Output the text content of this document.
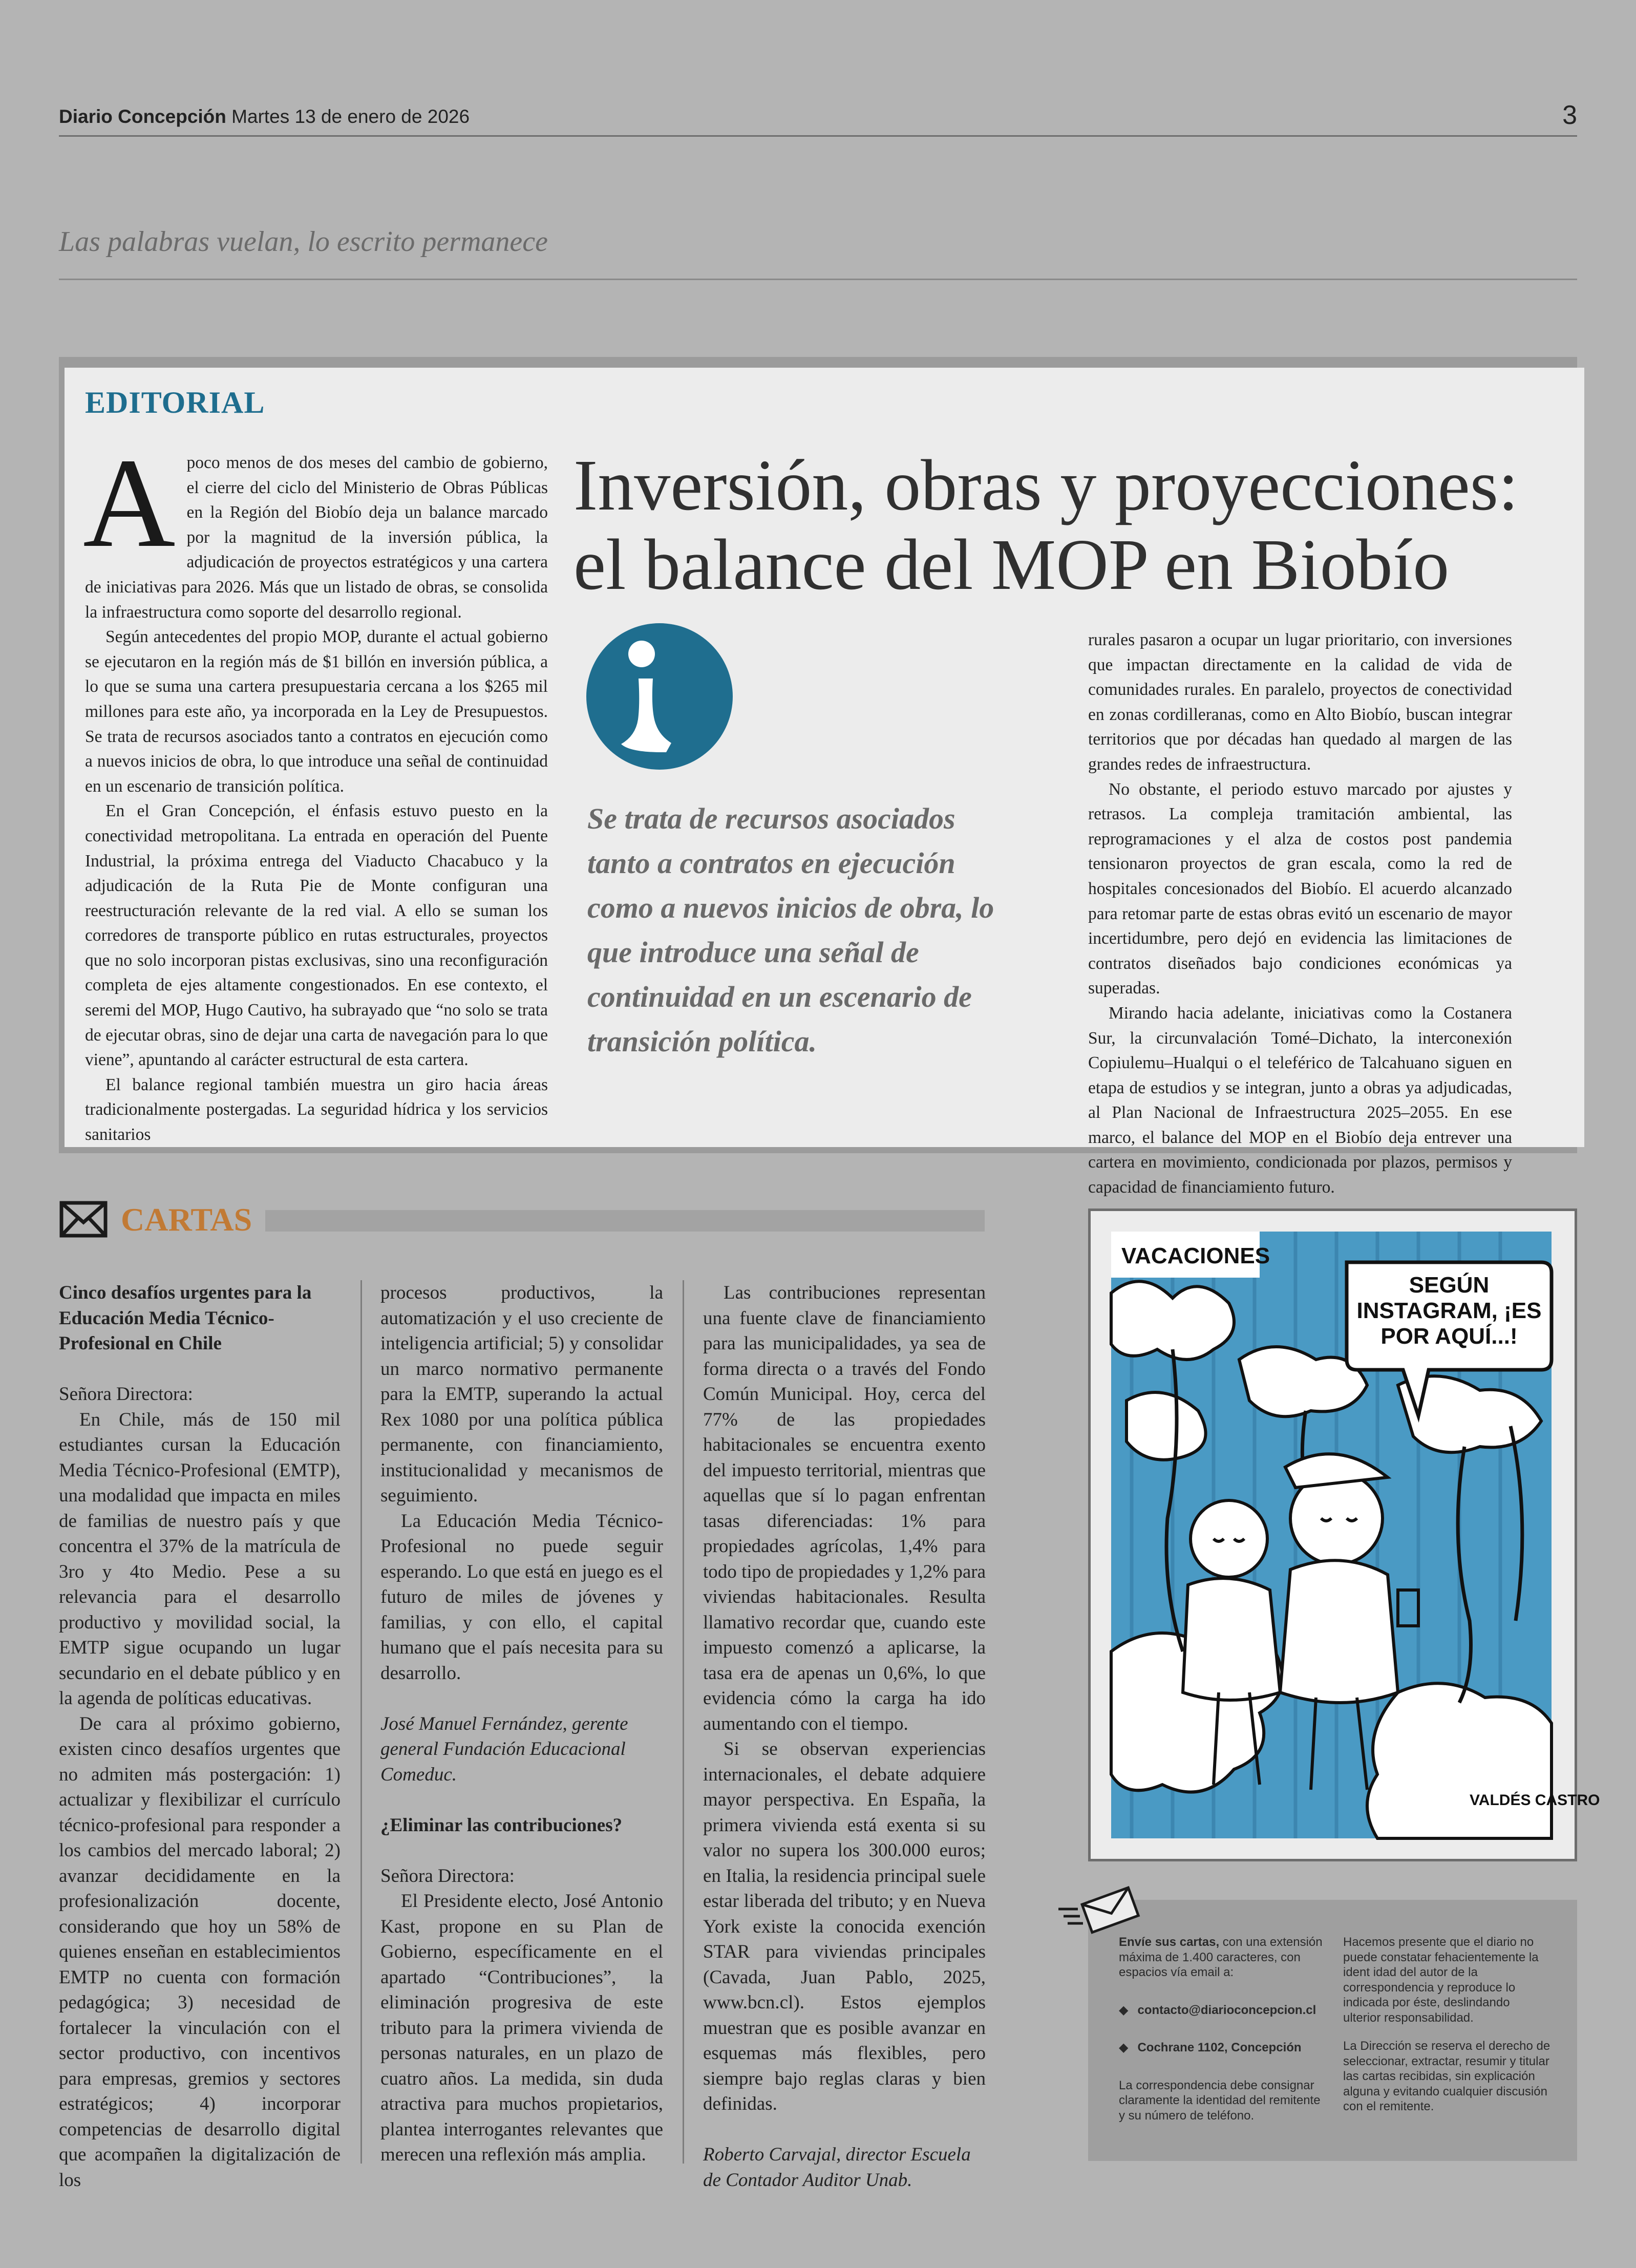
Diario Concepción Martes 13 de enero de 2026	3
Las palabras vuelan, lo escrito permanece
EDITORIAL

Apoco menos de dos meses del cambio de gobierno, el cierre del ciclo del Ministerio de Obras Públicas en la Región del Biobío deja un balance marcado por la magnitud de la inversión pública, la adjudicación de proyectos estratégicos y una cartera de iniciativas para 2026. Más que un listado de obras, se consolida la infraestructura como soporte del desarrollo regional.

Según antecedentes del propio MOP, durante el actual gobierno se ejecutaron en la región más de $1 billón en inversión pública, a lo que se suma una cartera presupuestaria cercana a los $265 mil millones para este año, ya incorporada en la Ley de Presupuestos. Se trata de recursos asociados tanto a contratos en ejecución como a nuevos inicios de obra, lo que introduce una señal de continuidad en un escenario de transición política.

En el Gran Concepción, el énfasis estuvo puesto en la conectividad metropolitana. La entrada en operación del Puente Industrial, la próxima entrega del Viaducto Chacabuco y la adjudicación de la Ruta Pie de Monte configuran una reestructuración relevante de la red vial. A ello se suman los corredores de transporte público en rutas estructurales, proyectos que no solo incorporan pistas exclusivas, sino una reconfiguración completa de ejes altamente congestionados. En ese contexto, el seremi del MOP, Hugo Cautivo, ha subrayado que “no solo se trata de ejecutar obras, sino de dejar una carta de navegación para lo que viene”, apuntando al carácter estructural de esta cartera.

El balance regional también muestra un giro hacia áreas tradicionalmente postergadas. La seguridad hídrica y los servicios sanitarios

Inversión, obras y proyecciones:
el balance del MOP en Biobío
Se trata de recursos asociados tanto a contratos en ejecución como a nuevos inicios de obra, lo que introduce una señal de continuidad en un escenario de transición política.

rurales pasaron a ocupar un lugar prioritario, con inversiones que impactan directamente en la calidad de vida de comunidades rurales. En paralelo, proyectos de conectividad en zonas cordilleranas, como en Alto Biobío, buscan integrar territorios que por décadas han quedado al margen de las grandes redes de infraestructura.

No obstante, el periodo estuvo marcado por ajustes y retrasos. La compleja tramitación ambiental, las reprogramaciones y el alza de costos post pandemia tensionaron proyectos de gran escala, como la red de hospitales concesionados del Biobío. El acuerdo alcanzado para retomar parte de estas obras evitó un escenario de mayor incertidumbre, pero dejó en evidencia las limitaciones de contratos diseñados bajo condiciones económicas ya superadas.

Mirando hacia adelante, iniciativas como la Costanera Sur, la circunvalación Tomé–Dichato, la interconexión Copiulemu–Hualqui o el teleférico de Talcahuano siguen en etapa de estudios y se integran, junto a obras ya adjudicadas, al Plan Nacional de Infraestructura 2025–2055. En ese marco, el balance del MOP en el Biobío deja entrever una cartera en movimiento, condicionada por plazos, permisos y capacidad de financiamiento futuro.

CARTAS

Cinco desafíos urgentes para la Educación Media Técnico-Profesional en Chile

Señora Directora:

En Chile, más de 150 mil estudiantes cursan la Educación Media Técnico-Profesional (EMTP), una modalidad que impacta en miles de familias de nuestro país y que concentra el 37% de la matrícula de 3ro y 4to Medio. Pese a su relevancia para el desarrollo productivo y movilidad social, la EMTP sigue ocupando un lugar secundario en el debate público y en la agenda de políticas educativas.

De cara al próximo gobierno, existen cinco desafíos urgentes que no admiten más postergación: 1) actualizar y flexibilizar el currículo técnico-profesional para responder a los cambios del mercado laboral; 2) avanzar decididamente en la profesionalización docente, considerando que hoy un 58% de quienes enseñan en establecimientos EMTP no cuenta con formación pedagógica; 3) necesidad de fortalecer la vinculación con el sector productivo, con incentivos para empresas, gremios y sectores estratégicos; 4) incorporar competencias de desarrollo digital que acompañen la digitalización de los

procesos productivos, la automatización y el uso creciente de inteligencia artificial; 5) y consolidar un marco normativo permanente para la EMTP, superando la actual Rex 1080 por una política pública permanente, con financiamiento, institucionalidad y mecanismos de seguimiento.

La Educación Media Técnico-Profesional no puede seguir esperando. Lo que está en juego es el futuro de miles de jóvenes y familias, y con ello, el capital humano que el país necesita para su desarrollo.

José Manuel Fernández, gerente general Fundación Educacional Comeduc.

¿Eliminar las contribuciones?

Señora Directora:

El Presidente electo, José Antonio Kast, propone en su Plan de Gobierno, específicamente en el apartado “Contribuciones”, la eliminación progresiva de este tributo para la primera vivienda de personas naturales, en un plazo de cuatro años. La medida, sin duda atractiva para muchos propietarios, plantea interrogantes relevantes que merecen una reflexión más amplia.

Las contribuciones representan una fuente clave de financiamiento para las municipalidades, ya sea de forma directa o a través del Fondo Común Municipal. Hoy, cerca del 77% de las propiedades habitacionales se encuentra exento del impuesto territorial, mientras que aquellas que sí lo pagan enfrentan tasas diferenciadas: 1% para propiedades agrícolas, 1,4% para todo tipo de propiedades y 1,2% para viviendas habitacionales. Resulta llamativo recordar que, cuando este impuesto comenzó a aplicarse, la tasa era de apenas un 0,6%, lo que evidencia cómo la carga ha ido aumentando con el tiempo.

Si se observan experiencias internacionales, el debate adquiere mayor perspectiva. En España, la primera vivienda está exenta si su valor no supera los 300.000 euros; en Italia, la residencia principal suele estar liberada del tributo; y en Nueva York existe la conocida exención STAR para viviendas principales (Cavada, Juan Pablo, 2025, www.bcn.cl). Estos ejemplos muestran que es posible avanzar en esquemas más flexibles, pero siempre bajo reglas claras y bien definidas.

Roberto Carvajal, director Escuela de Contador Auditor Unab.

VACACIONES
SEGÚN INSTAGRAM, ¡ES POR AQUÍ...!
VALDÉS CASTRO
Envíe sus cartas, con una extensión máxima de 1.400 caracteres, con espacios vía email a:
◆ contacto@diarioconcepcion.cl
◆ Cochrane 1102, Concepción
La correspondencia debe consignar claramente la identidad del remitente y su número de teléfono.
Hacemos presente que el diario no puede constatar fehacientemente la ident idad del autor de la correspondencia y reproduce lo indicada por éste, deslindando ulterior responsabilidad.
La Dirección se reserva el derecho de seleccionar, extractar, resumir y titular las cartas recibidas, sin explicación alguna y evitando cualquier discusión con el remitente.
